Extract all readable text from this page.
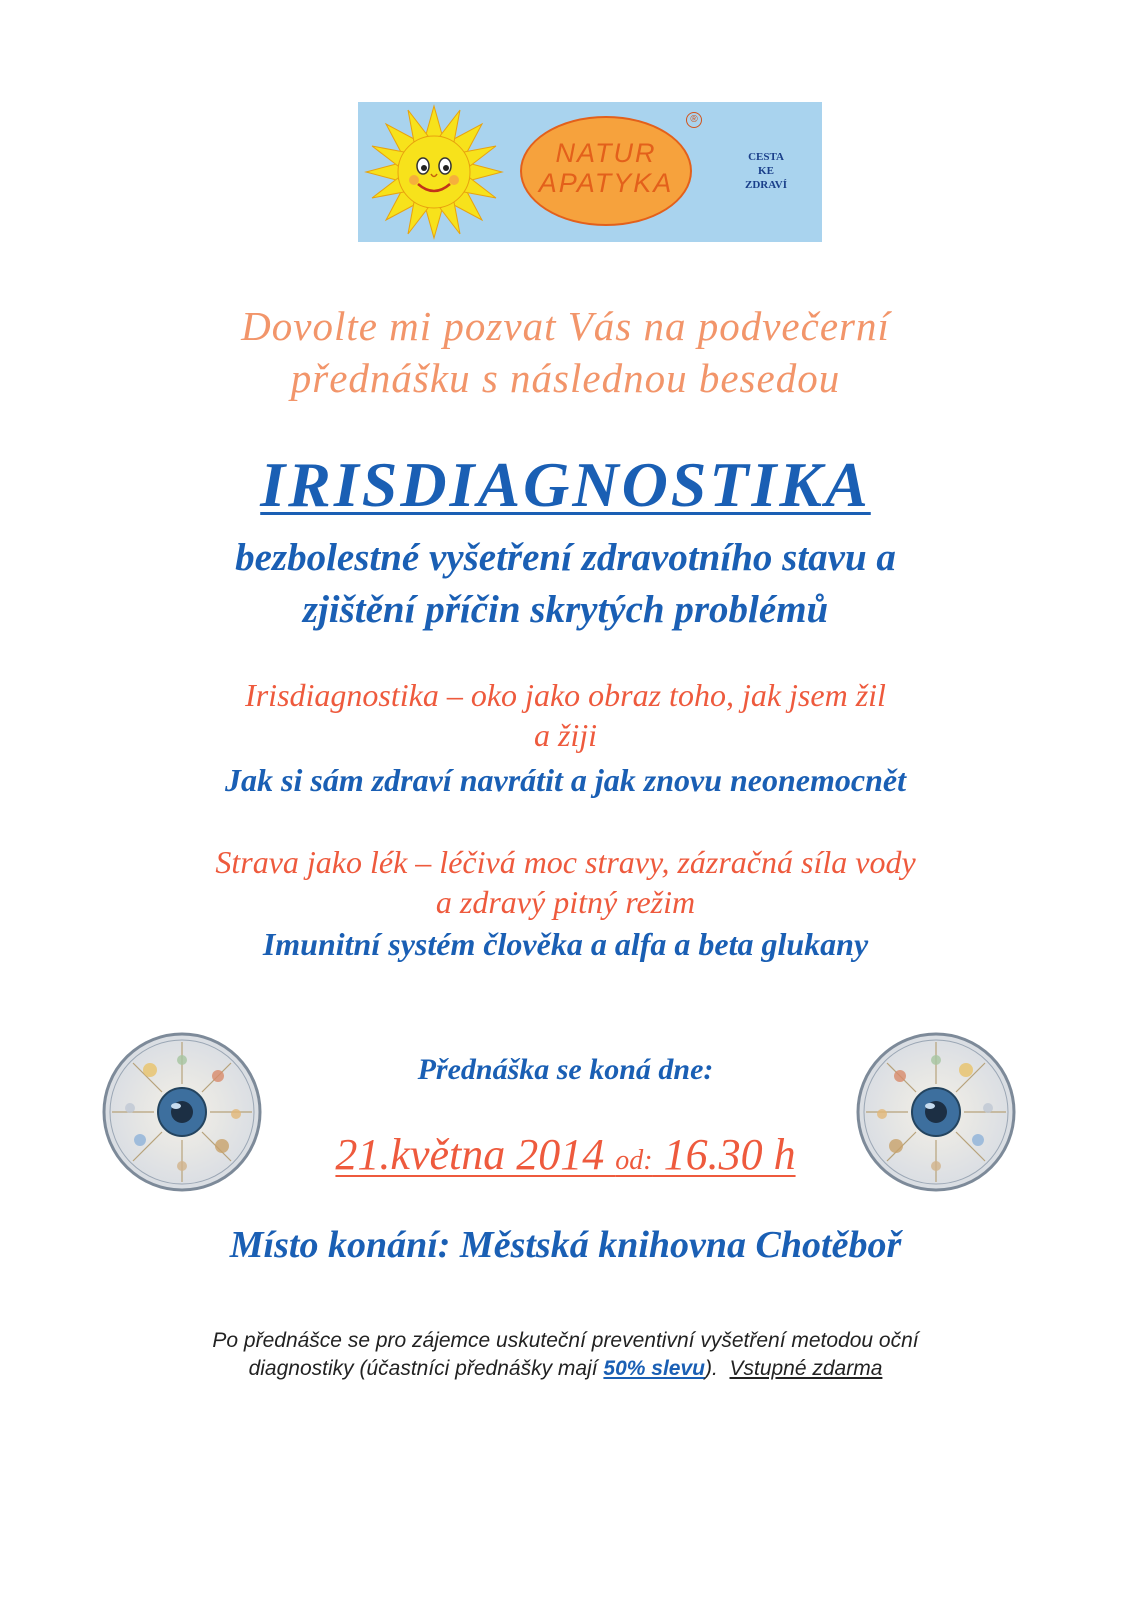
NATUR
APATYKA
®
CESTA
KE
ZDRAVÍ
Dovolte mi pozvat Vás na podvečerní
přednášku s následnou besedou
IRISDIAGNOSTIKA
bezbolestné vyšetření zdravotního stavu a
zjištění příčin skrytých problémů
Irisdiagnostika – oko jako obraz toho, jak jsem žil
a žiji
Jak si sám zdraví navrátit a jak znovu neonemocnět
Strava jako lék – léčivá moc stravy, zázračná síla vody
a zdravý pitný režim
Imunitní systém člověka a alfa a beta glukany
Přednáška se koná dne:
21.května 2014 od: 16.30 h
Místo konání: Městská knihovna Chotěboř
Po přednášce se pro zájemce uskuteční preventivní vyšetření metodou oční
diagnostiky (účastníci přednášky mají 50% slevu).  Vstupné zdarma
